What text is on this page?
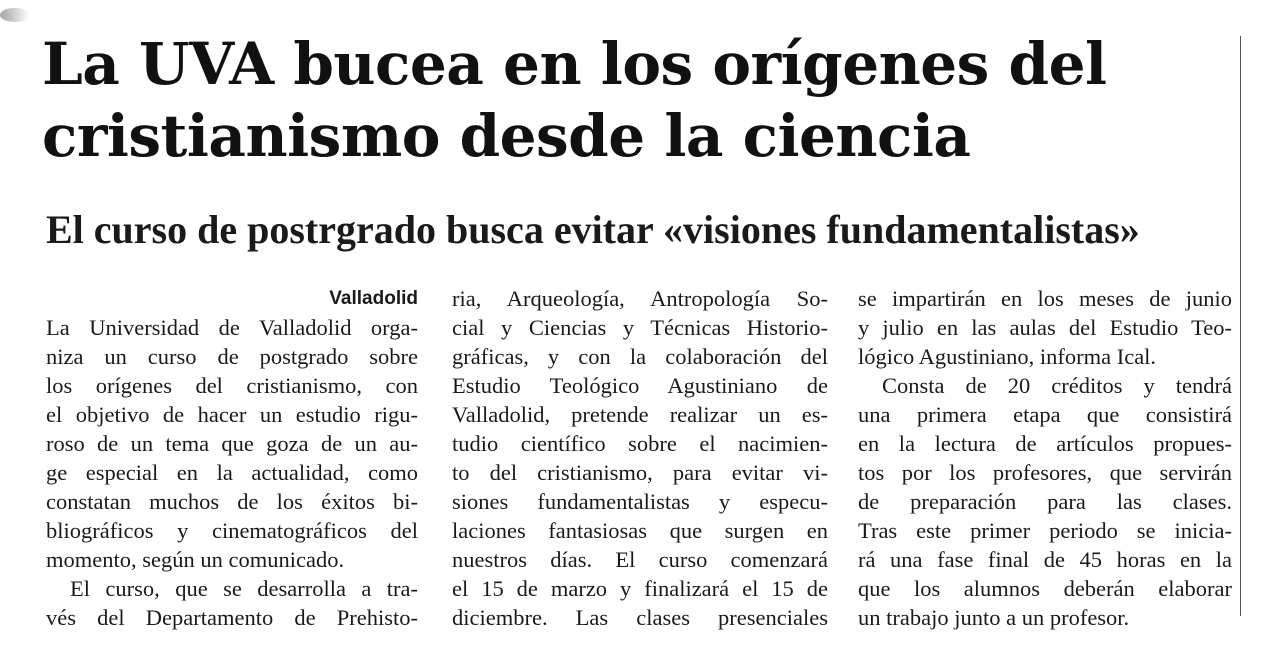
La UVA bucea en los orígenes del
cristianismo desde la ciencia
El curso de postrgrado busca evitar «visiones fundamentalistas»
Valladolid
La Universidad de Valladolid orga-
niza un curso de postgrado sobre
los orígenes del cristianismo, con
el objetivo de hacer un estudio rigu-
roso de un tema que goza de un au-
ge especial en la actualidad, como
constatan muchos de los éxitos bi-
bliográficos y cinematográficos del
momento, según un comunicado.
El curso, que se desarrolla a tra-
vés del Departamento de Prehisto-
ria, Arqueología, Antropología So-
cial y Ciencias y Técnicas Historio-
gráficas, y con la colaboración del
Estudio Teológico Agustiniano de
Valladolid, pretende realizar un es-
tudio científico sobre el nacimien-
to del cristianismo, para evitar vi-
siones fundamentalistas y especu-
laciones fantasiosas que surgen en
nuestros días. El curso comenzará
el 15 de marzo y finalizará el 15 de
diciembre. Las clases presenciales
se impartirán en los meses de junio
y julio en las aulas del Estudio Teo-
lógico Agustiniano, informa Ical.
Consta de 20 créditos y tendrá
una primera etapa que consistirá
en la lectura de artículos propues-
tos por los profesores, que servirán
de preparación para las clases.
Tras este primer periodo se inicia-
rá una fase final de 45 horas en la
que los alumnos deberán elaborar
un trabajo junto a un profesor.
